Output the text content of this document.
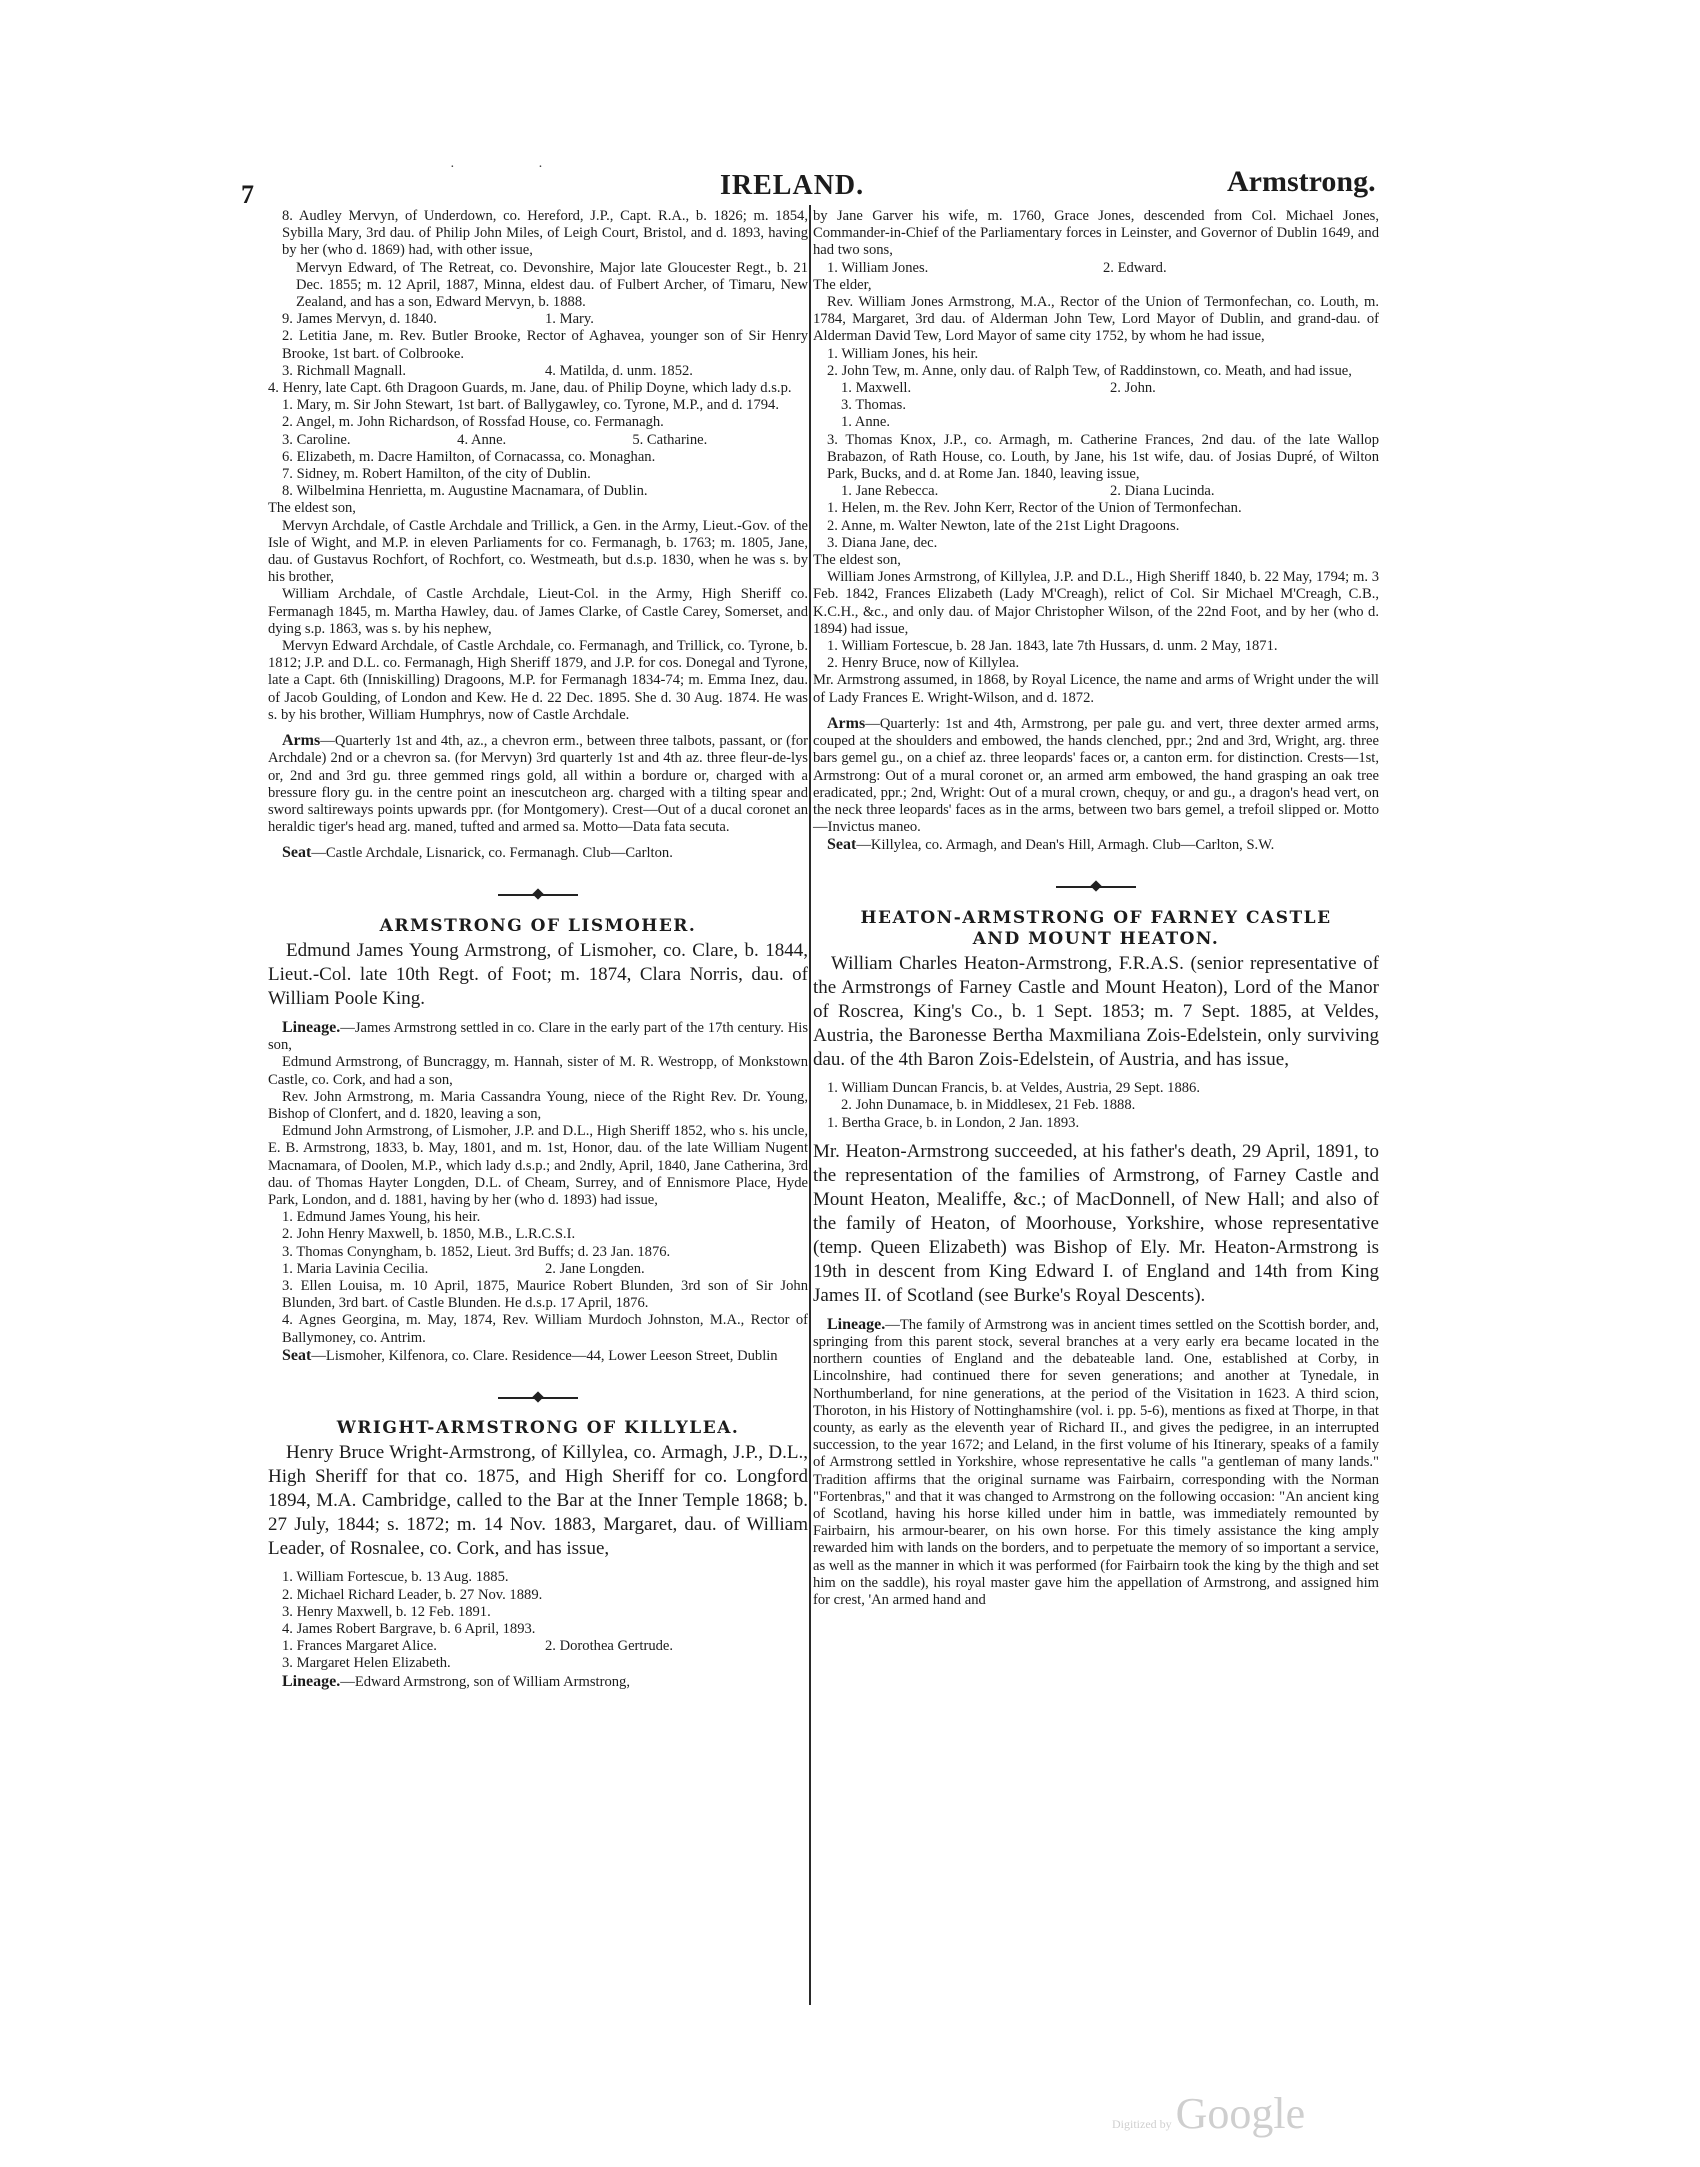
· ·
7	IRELAND.	Armstrong.

8. Audley Mervyn, of Underdown, co. Hereford, J.P., Capt. R.A., b. 1826; m. 1854, Sybilla Mary, 3rd dau. of Philip John Miles, of Leigh Court, Bristol, and d. 1893, having by her (who d. 1869) had, with other issue,

Mervyn Edward, of The Retreat, co. Devonshire, Major late Gloucester Regt., b. 21 Dec. 1855; m. 12 April, 1887, Minna, eldest dau. of Fulbert Archer, of Timaru, New Zealand, and has a son, Edward Mervyn, b. 1888.

9. James Mervyn, d. 1840.	1. Mary.

2. Letitia Jane, m. Rev. Butler Brooke, Rector of Aghavea, younger son of Sir Henry Brooke, 1st bart. of Colbrooke.

3. Richmall Magnall.	4. Matilda, d. unm. 1852.

4. Henry, late Capt. 6th Dragoon Guards, m. Jane, dau. of Philip Doyne, which lady d.s.p.

1. Mary, m. Sir John Stewart, 1st bart. of Ballygawley, co. Tyrone, M.P., and d. 1794.

2. Angel, m. John Richardson, of Rossfad House, co. Fermanagh.

3. Caroline.	4. Anne.	5. Catharine.

6. Elizabeth, m. Dacre Hamilton, of Cornacassa, co. Monaghan.

7. Sidney, m. Robert Hamilton, of the city of Dublin.

8. Wilbelmina Henrietta, m. Augustine Macnamara, of Dublin.

The eldest son,

Mervyn Archdale, of Castle Archdale and Trillick, a Gen. in the Army, Lieut.-Gov. of the Isle of Wight, and M.P. in eleven Parliaments for co. Fermanagh, b. 1763; m. 1805, Jane, dau. of Gustavus Rochfort, of Rochfort, co. Westmeath, but d.s.p. 1830, when he was s. by his brother,

William Archdale, of Castle Archdale, Lieut-Col. in the Army, High Sheriff co. Fermanagh 1845, m. Martha Hawley, dau. of James Clarke, of Castle Carey, Somerset, and dying s.p. 1863, was s. by his nephew,

Mervyn Edward Archdale, of Castle Archdale, co. Fermanagh, and Trillick, co. Tyrone, b. 1812; J.P. and D.L. co. Fermanagh, High Sheriff 1879, and J.P. for cos. Donegal and Tyrone, late a Capt. 6th (Inniskilling) Dragoons, M.P. for Fermanagh 1834-74; m. Emma Inez, dau. of Jacob Goulding, of London and Kew. He d. 22 Dec. 1895. She d. 30 Aug. 1874. He was s. by his brother, William Humphrys, now of Castle Archdale.

Arms—Quarterly 1st and 4th, az., a chevron erm., between three talbots, passant, or (for Archdale) 2nd or a chevron sa. (for Mervyn) 3rd quarterly 1st and 4th az. three fleur-de-lys or, 2nd and 3rd gu. three gemmed rings gold, all within a bordure or, charged with a bressure flory gu. in the centre point an inescutcheon arg. charged with a tilting spear and sword saltireways points upwards ppr. (for Montgomery). Crest—Out of a ducal coronet an heraldic tiger's head arg. maned, tufted and armed sa. Motto—Data fata secuta.

Seat—Castle Archdale, Lisnarick, co. Fermanagh. Club—Carlton.

ARMSTRONG OF LISMOHER.

Edmund James Young Armstrong, of Lismoher, co. Clare, b. 1844, Lieut.-Col. late 10th Regt. of Foot; m. 1874, Clara Norris, dau. of William Poole King.

Lineage.—James Armstrong settled in co. Clare in the early part of the 17th century. His son,

Edmund Armstrong, of Buncraggy, m. Hannah, sister of M. R. Westropp, of Monkstown Castle, co. Cork, and had a son,

Rev. John Armstrong, m. Maria Cassandra Young, niece of the Right Rev. Dr. Young, Bishop of Clonfert, and d. 1820, leaving a son,

Edmund John Armstrong, of Lismoher, J.P. and D.L., High Sheriff 1852, who s. his uncle, E. B. Armstrong, 1833, b. May, 1801, and m. 1st, Honor, dau. of the late William Nugent Macnamara, of Doolen, M.P., which lady d.s.p.; and 2ndly, April, 1840, Jane Catherina, 3rd dau. of Thomas Hayter Longden, D.L. of Cheam, Surrey, and of Ennismore Place, Hyde Park, London, and d. 1881, having by her (who d. 1893) had issue,

1. Edmund James Young, his heir.

2. John Henry Maxwell, b. 1850, M.B., L.R.C.S.I.

3. Thomas Conyngham, b. 1852, Lieut. 3rd Buffs; d. 23 Jan. 1876.

1. Maria Lavinia Cecilia.	2. Jane Longden.

3. Ellen Louisa, m. 10 April, 1875, Maurice Robert Blunden, 3rd son of Sir John Blunden, 3rd bart. of Castle Blunden. He d.s.p. 17 April, 1876.

4. Agnes Georgina, m. May, 1874, Rev. William Murdoch Johnston, M.A., Rector of Ballymoney, co. Antrim.

Seat—Lismoher, Kilfenora, co. Clare. Residence—44, Lower Leeson Street, Dublin

WRIGHT-ARMSTRONG OF KILLYLEA.

Henry Bruce Wright-Armstrong, of Killylea, co. Armagh, J.P., D.L., High Sheriff for that co. 1875, and High Sheriff for co. Longford 1894, M.A. Cambridge, called to the Bar at the Inner Temple 1868; b. 27 July, 1844; s. 1872; m. 14 Nov. 1883, Margaret, dau. of William Leader, of Rosnalee, co. Cork, and has issue,

1. William Fortescue, b. 13 Aug. 1885.

2. Michael Richard Leader, b. 27 Nov. 1889.

3. Henry Maxwell, b. 12 Feb. 1891.

4. James Robert Bargrave, b. 6 April, 1893.

1. Frances Margaret Alice.	2. Dorothea Gertrude.

3. Margaret Helen Elizabeth.

Lineage.—Edward Armstrong, son of William Armstrong,

by Jane Garver his wife, m. 1760, Grace Jones, descended from Col. Michael Jones, Commander-in-Chief of the Parliamentary forces in Leinster, and Governor of Dublin 1649, and had two sons,

1. William Jones.	2. Edward.

The elder,

Rev. William Jones Armstrong, M.A., Rector of the Union of Termonfechan, co. Louth, m. 1784, Margaret, 3rd dau. of Alderman John Tew, Lord Mayor of Dublin, and grand-dau. of Alderman David Tew, Lord Mayor of same city 1752, by whom he had issue,

1. William Jones, his heir.

2. John Tew, m. Anne, only dau. of Ralph Tew, of Raddinstown, co. Meath, and had issue,

1. Maxwell.	2. John.

3. Thomas.

1. Anne.

3. Thomas Knox, J.P., co. Armagh, m. Catherine Frances, 2nd dau. of the late Wallop Brabazon, of Rath House, co. Louth, by Jane, his 1st wife, dau. of Josias Dupré, of Wilton Park, Bucks, and d. at Rome Jan. 1840, leaving issue,

1. Jane Rebecca.	2. Diana Lucinda.

1. Helen, m. the Rev. John Kerr, Rector of the Union of Termonfechan.

2. Anne, m. Walter Newton, late of the 21st Light Dragoons.

3. Diana Jane, dec.

The eldest son,

William Jones Armstrong, of Killylea, J.P. and D.L., High Sheriff 1840, b. 22 May, 1794; m. 3 Feb. 1842, Frances Elizabeth (Lady M'Creagh), relict of Col. Sir Michael M'Creagh, C.B., K.C.H., &c., and only dau. of Major Christopher Wilson, of the 22nd Foot, and by her (who d. 1894) had issue,

1. William Fortescue, b. 28 Jan. 1843, late 7th Hussars, d. unm. 2 May, 1871.

2. Henry Bruce, now of Killylea.

Mr. Armstrong assumed, in 1868, by Royal Licence, the name and arms of Wright under the will of Lady Frances E. Wright-Wilson, and d. 1872.

Arms—Quarterly: 1st and 4th, Armstrong, per pale gu. and vert, three dexter armed arms, couped at the shoulders and embowed, the hands clenched, ppr.; 2nd and 3rd, Wright, arg. three bars gemel gu., on a chief az. three leopards' faces or, a canton erm. for distinction. Crests—1st, Armstrong: Out of a mural coronet or, an armed arm embowed, the hand grasping an oak tree eradicated, ppr.; 2nd, Wright: Out of a mural crown, chequy, or and gu., a dragon's head vert, on the neck three leopards' faces as in the arms, between two bars gemel, a trefoil slipped or. Motto—Invictus maneo.

Seat—Killylea, co. Armagh, and Dean's Hill, Armagh. Club—Carlton, S.W.

HEATON-ARMSTRONG OF FARNEY CASTLE
AND MOUNT HEATON.

William Charles Heaton-Armstrong, F.R.A.S. (senior representative of the Armstrongs of Farney Castle and Mount Heaton), Lord of the Manor of Roscrea, King's Co., b. 1 Sept. 1853; m. 7 Sept. 1885, at Veldes, Austria, the Baronesse Bertha Maxmiliana Zois-Edelstein, only surviving dau. of the 4th Baron Zois-Edelstein, of Austria, and has issue,

1. William Duncan Francis, b. at Veldes, Austria, 29 Sept. 1886.

2. John Dunamace, b. in Middlesex, 21 Feb. 1888.

1. Bertha Grace, b. in London, 2 Jan. 1893.

Mr. Heaton-Armstrong succeeded, at his father's death, 29 April, 1891, to the representation of the families of Armstrong, of Farney Castle and Mount Heaton, Mealiffe, &c.; of MacDonnell, of New Hall; and also of the family of Heaton, of Moorhouse, Yorkshire, whose representative (temp. Queen Elizabeth) was Bishop of Ely. Mr. Heaton-Armstrong is 19th in descent from King Edward I. of England and 14th from King James II. of Scotland (see Burke's Royal Descents).

Lineage.—The family of Armstrong was in ancient times settled on the Scottish border, and, springing from this parent stock, several branches at a very early era became located in the northern counties of England and the debateable land. One, established at Corby, in Lincolnshire, had continued there for seven generations; and another at Tynedale, in Northumberland, for nine generations, at the period of the Visitation in 1623. A third scion, Thoroton, in his History of Nottinghamshire (vol. i. pp. 5-6), mentions as fixed at Thorpe, in that county, as early as the eleventh year of Richard II., and gives the pedigree, in an interrupted succession, to the year 1672; and Leland, in the first volume of his Itinerary, speaks of a family of Armstrong settled in Yorkshire, whose representative he calls "a gentleman of many lands." Tradition affirms that the original surname was Fairbairn, corresponding with the Norman "Fortenbras," and that it was changed to Armstrong on the following occasion: "An ancient king of Scotland, having his horse killed under him in battle, was immediately remounted by Fairbairn, his armour-bearer, on his own horse. For this timely assistance the king amply rewarded him with lands on the borders, and to perpetuate the memory of so important a service, as well as the manner in which it was performed (for Fairbairn took the king by the thigh and set him on the saddle), his royal master gave him the appellation of Armstrong, and assigned him for crest, 'An armed hand and

Digitized by Google
